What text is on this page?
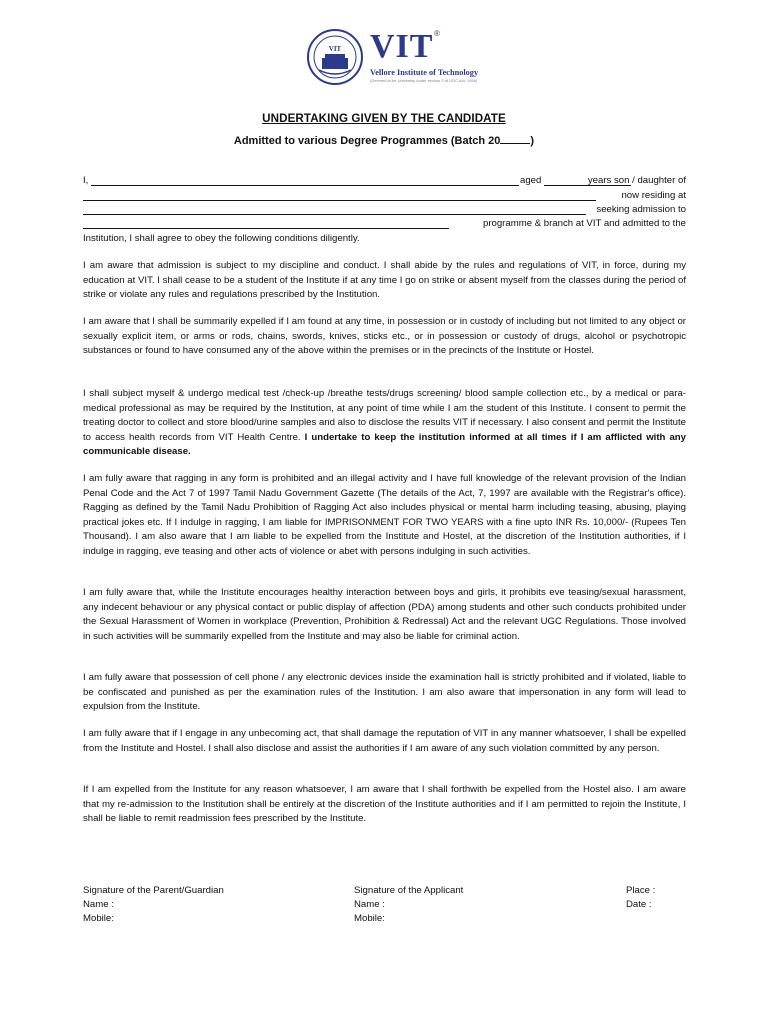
VIT VIT ®
Vellore Institute of Technology
(Deemed to be University under section 3 of UGC Act, 1956)
UNDERTAKING GIVEN BY THE CANDIDATE
Admitted to various Degree Programmes (Batch 20	)
I,	aged	years son / daughter of
now residing at
seeking admission to
programme & branch at VIT and admitted to the
Institution, I shall agree to obey the following conditions diligently.

I am aware that admission is subject to my discipline and conduct. I shall abide by the rules and regulations of VIT, in force, during my education at VIT. I shall cease to be a student of the Institute if at any time I go on strike or absent myself from the classes during the period of strike or violate any rules and regulations prescribed by the Institution.

I am aware that I shall be summarily expelled if I am found at any time, in possession or in custody of including but not limited to any object or sexually explicit item, or arms or rods, chains, swords, knives, sticks etc., or in possession or custody of drugs, alcohol or psychotropic substances or found to have consumed any of the above within the premises or in the precincts of the Institute or Hostel.

I shall subject myself & undergo medical test /check-up /breathe tests/drugs screening/ blood sample collection etc., by a medical or para-medical professional as may be required by the Institution, at any point of time while I am the student of this Institute. I consent to permit the treating doctor to collect and store blood/urine samples and also to disclose the results VIT if necessary. I also consent and permit the Institute to access health records from VIT Health Centre. I undertake to keep the institution informed at all times if I am afflicted with any communicable disease.

I am fully aware that ragging in any form is prohibited and an illegal activity and I have full knowledge of the relevant provision of the Indian Penal Code and the Act 7 of 1997 Tamil Nadu Government Gazette (The details of the Act, 7, 1997 are available with the Registrar's office). Ragging as defined by the Tamil Nadu Prohibition of Ragging Act also includes physical or mental harm including teasing, abusing, playing practical jokes etc. If I indulge in ragging, I am liable for IMPRISONMENT FOR TWO YEARS with a fine upto INR Rs. 10,000/- (Rupees Ten Thousand). I am also aware that I am liable to be expelled from the Institute and Hostel, at the discretion of the Institution authorities, if I indulge in ragging, eve teasing and other acts of violence or abet with persons indulging in such activities.

I am fully aware that, while the Institute encourages healthy interaction between boys and girls, it prohibits eve teasing/sexual harassment, any indecent behaviour or any physical contact or public display of affection (PDA) among students and other such conducts prohibited under the Sexual Harassment of Women in workplace (Prevention, Prohibition & Redressal) Act and the relevant UGC Regulations. Those involved in such activities will be summarily expelled from the Institute and may also be liable for criminal action.

I am fully aware that possession of cell phone / any electronic devices inside the examination hall is strictly prohibited and if violated, liable to be confiscated and punished as per the examination rules of the Institution. I am also aware that impersonation in any form will lead to expulsion from the Institute.

I am fully aware that if I engage in any unbecoming act, that shall damage the reputation of VIT in any manner whatsoever, I shall be expelled from the Institute and Hostel. I shall also disclose and assist the authorities if I am aware of any such violation committed by any person.

If I am expelled from the Institute for any reason whatsoever, I am aware that I shall forthwith be expelled from the Hostel also. I am aware that my re-admission to the Institution shall be entirely at the discretion of the Institute authorities and if I am permitted to rejoin the Institute, I shall be liable to remit readmission fees prescribed by the Institute.

Signature of the Parent/Guardian
Name :
Mobile:
Signature of the Applicant
Name :
Mobile:
Place :
Date :
